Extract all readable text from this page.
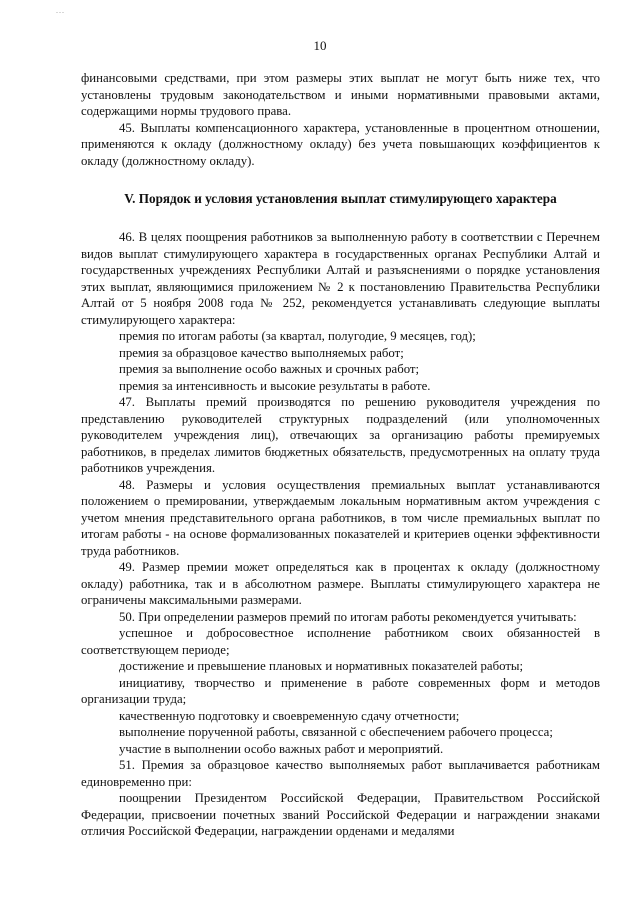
...
10

финансовыми средствами, при этом размеры этих выплат не могут быть ниже тех, что установлены трудовым законодательством и иными нормативными правовыми актами, содержащими нормы трудового права.

45. Выплаты компенсационного характера, установленные в процентном отношении, применяются к окладу (должностному окладу) без учета повышающих коэффициентов к окладу (должностному окладу).

V. Порядок и условия установления выплат стимулирующего характера

46. В целях поощрения работников за выполненную работу в соответствии с Перечнем видов выплат стимулирующего характера в государственных органах Республики Алтай и государственных учреждениях Республики Алтай и разъяснениями о порядке установления этих выплат, являющимися приложением № 2 к постановлению Правительства Республики Алтай от 5 ноября 2008 года № 252, рекомендуется устанавливать следующие выплаты стимулирующего характера:

премия по итогам работы (за квартал, полугодие, 9 месяцев, год);

премия за образцовое качество выполняемых работ;

премия за выполнение особо важных и срочных работ;

премия за интенсивность и высокие результаты в работе.

47. Выплаты премий производятся по решению руководителя учреждения по представлению руководителей структурных подразделений (или уполномоченных руководителем учреждения лиц), отвечающих за организацию работы премируемых работников, в пределах лимитов бюджетных обязательств, предусмотренных на оплату труда работников учреждения.

48. Размеры и условия осуществления премиальных выплат устанавливаются положением о премировании, утверждаемым локальным нормативным актом учреждения с учетом мнения представительного органа работников, в том числе премиальных выплат по итогам работы - на основе формализованных показателей и критериев оценки эффективности труда работников.

49. Размер премии может определяться как в процентах к окладу (должностному окладу) работника, так и в абсолютном размере. Выплаты стимулирующего характера не ограничены максимальными размерами.

50. При определении размеров премий по итогам работы рекомендуется учитывать:

успешное и добросовестное исполнение работником своих обязанностей в соответствующем периоде;

достижение и превышение плановых и нормативных показателей работы;

инициативу, творчество и применение в работе современных форм и методов организации труда;

качественную подготовку и своевременную сдачу отчетности;

выполнение порученной работы, связанной с обеспечением рабочего процесса;

участие в выполнении особо важных работ и мероприятий.

51. Премия за образцовое качество выполняемых работ выплачивается работникам единовременно при:

поощрении Президентом Российской Федерации, Правительством Российской Федерации, присвоении почетных званий Российской Федерации и награждении знаками отличия Российской Федерации, награждении орденами и медалями
